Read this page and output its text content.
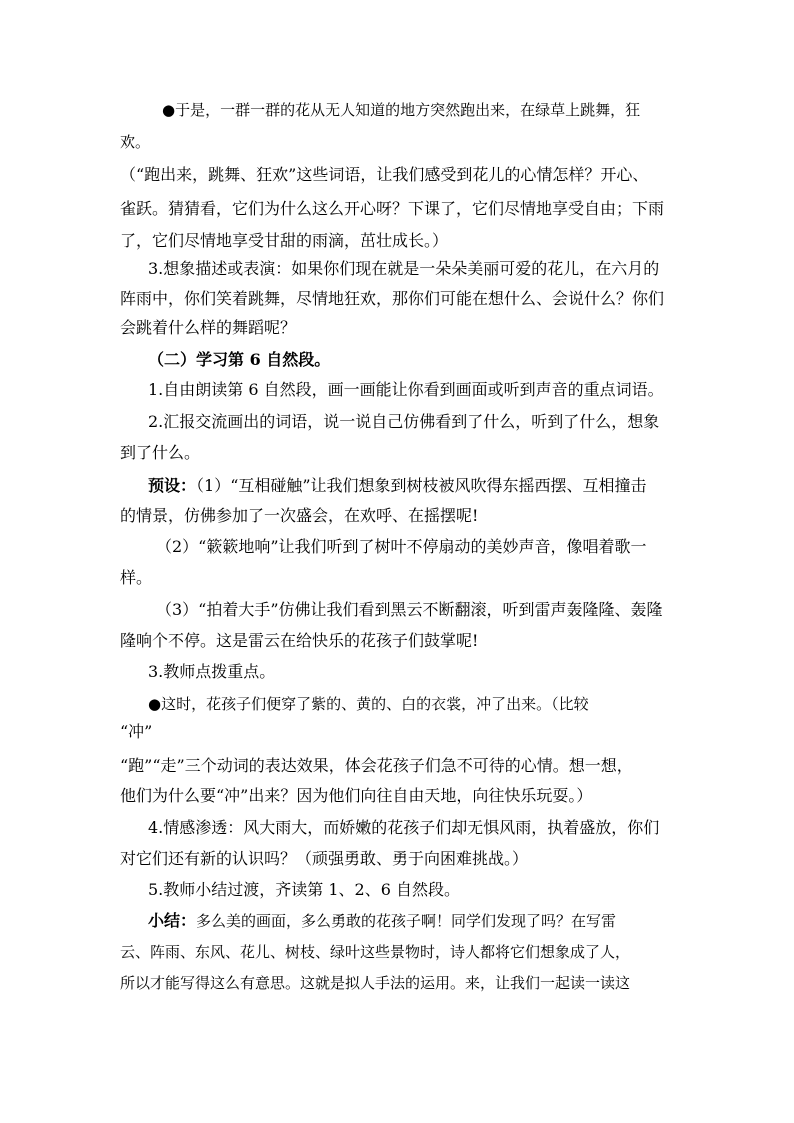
●于是，一群一群的花从无人知道的地方突然跑出来，在绿草上跳舞，狂
欢。
（“跑出来，跳舞、狂欢”这些词语，让我们感受到花儿的心情怎样？开心、
雀跃。猜猜看，它们为什么这么开心呀？下课了，它们尽情地享受自由；下雨
了，它们尽情地享受甘甜的雨滴，茁壮成长。）
3.想象描述或表演：如果你们现在就是一朵朵美丽可爱的花儿，在六月的
阵雨中，你们笑着跳舞，尽情地狂欢，那你们可能在想什么、会说什么？你们
会跳着什么样的舞蹈呢？
（二）学习第 6 自然段。
1.自由朗读第 6 自然段，画一画能让你看到画面或听到声音的重点词语。
2.汇报交流画出的词语，说一说自己仿佛看到了什么，听到了什么，想象
到了什么。
预设：（1）“互相碰触”让我们想象到树枝被风吹得东摇西摆、互相撞击
的情景，仿佛参加了一次盛会，在欢呼、在摇摆呢!
（2）“簌簌地响”让我们听到了树叶不停扇动的美妙声音，像唱着歌一
样。
（3）“拍着大手”仿佛让我们看到黑云不断翻滚，听到雷声轰隆隆、轰隆
隆响个不停。这是雷云在给快乐的花孩子们鼓掌呢!
3.教师点拨重点。
●这时，花孩子们便穿了紫的、黄的、白的衣裳，冲了出来。（比较
“冲”
“跑”“走”三个动词的表达效果，体会花孩子们急不可待的心情。想一想，
他们为什么要“冲”出来？因为他们向往自由天地，向往快乐玩耍。）
4.情感渗透：风大雨大，而娇嫩的花孩子们却无惧风雨，执着盛放，你们
对它们还有新的认识吗？（顽强勇敢、勇于向困难挑战。）
5.教师小结过渡，齐读第 1、2、6 自然段。
小结：多么美的画面，多么勇敢的花孩子啊！同学们发现了吗？在写雷
云、阵雨、东风、花儿、树枝、绿叶这些景物时，诗人都将它们想象成了人，
所以才能写得这么有意思。这就是拟人手法的运用。来，让我们一起读一读这
